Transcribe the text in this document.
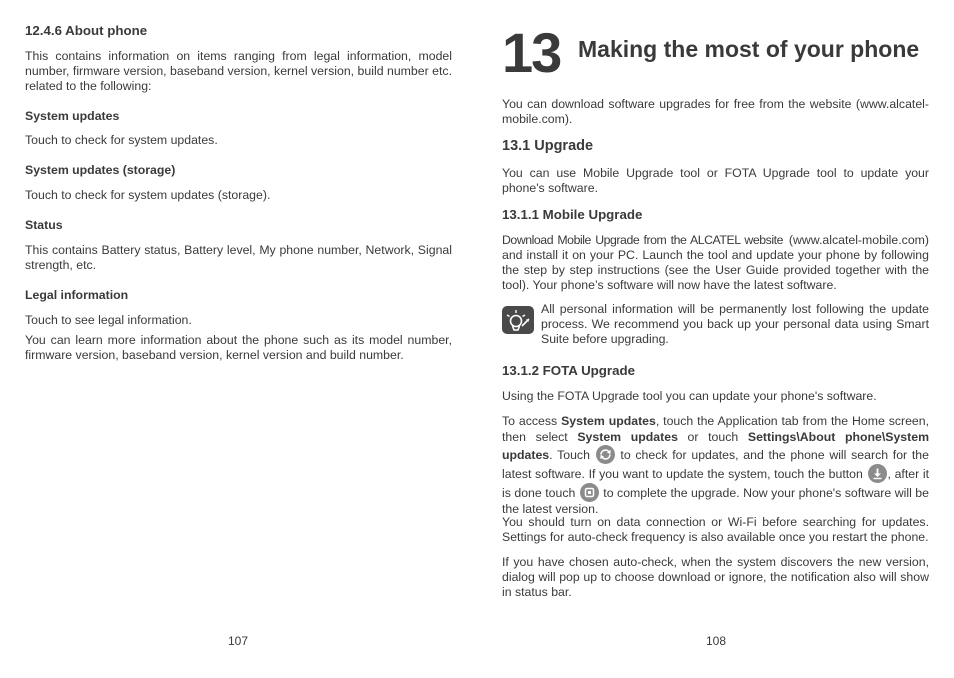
12.4.6 About phone

This contains information on items ranging from legal information, model number, firmware version, baseband version, kernel version, build number etc. related to the following:

System updates

Touch to check for system updates.

System updates (storage)

Touch to check for system updates (storage).

Status

This contains Battery status, Battery level, My phone number, Network, Signal strength, etc.

Legal information

Touch to see legal information.

You can learn more information about the phone such as its model number, firmware version, baseband version, kernel version and build number.

107
13 Making the most of your phone

You can download software upgrades for free from the website (www.alcatel-mobile.com).

13.1 Upgrade

You can use Mobile Upgrade tool or FOTA Upgrade tool to update your phone's software.

13.1.1 Mobile Upgrade

Download Mobile Upgrade from the ALCATEL website (www.alcatel-mobile.com) and install it on your PC. Launch the tool and update your phone by following the step by step instructions (see the User Guide provided together with the tool). Your phone’s software will now have the latest software.

All personal information will be permanently lost following the update process. We recommend you back up your personal data using Smart Suite before upgrading.

13.1.2 FOTA Upgrade

Using the FOTA Upgrade tool you can update your phone's software.

To access System updates, touch the Application tab from the Home screen, then select System updates or touch Settings\About phone\System updates. Touch
to check for updates, and the phone will search for the latest software. If you want to update the system, touch the button
, after it is done touch
to complete the upgrade. Now your phone's software will be the latest version.

You should turn on data connection or Wi-Fi before searching for updates. Settings for auto-check frequency is also available once you restart the phone.

If you have chosen auto-check, when the system discovers the new version, dialog will pop up to choose download or ignore, the notification also will show in status bar.

108
